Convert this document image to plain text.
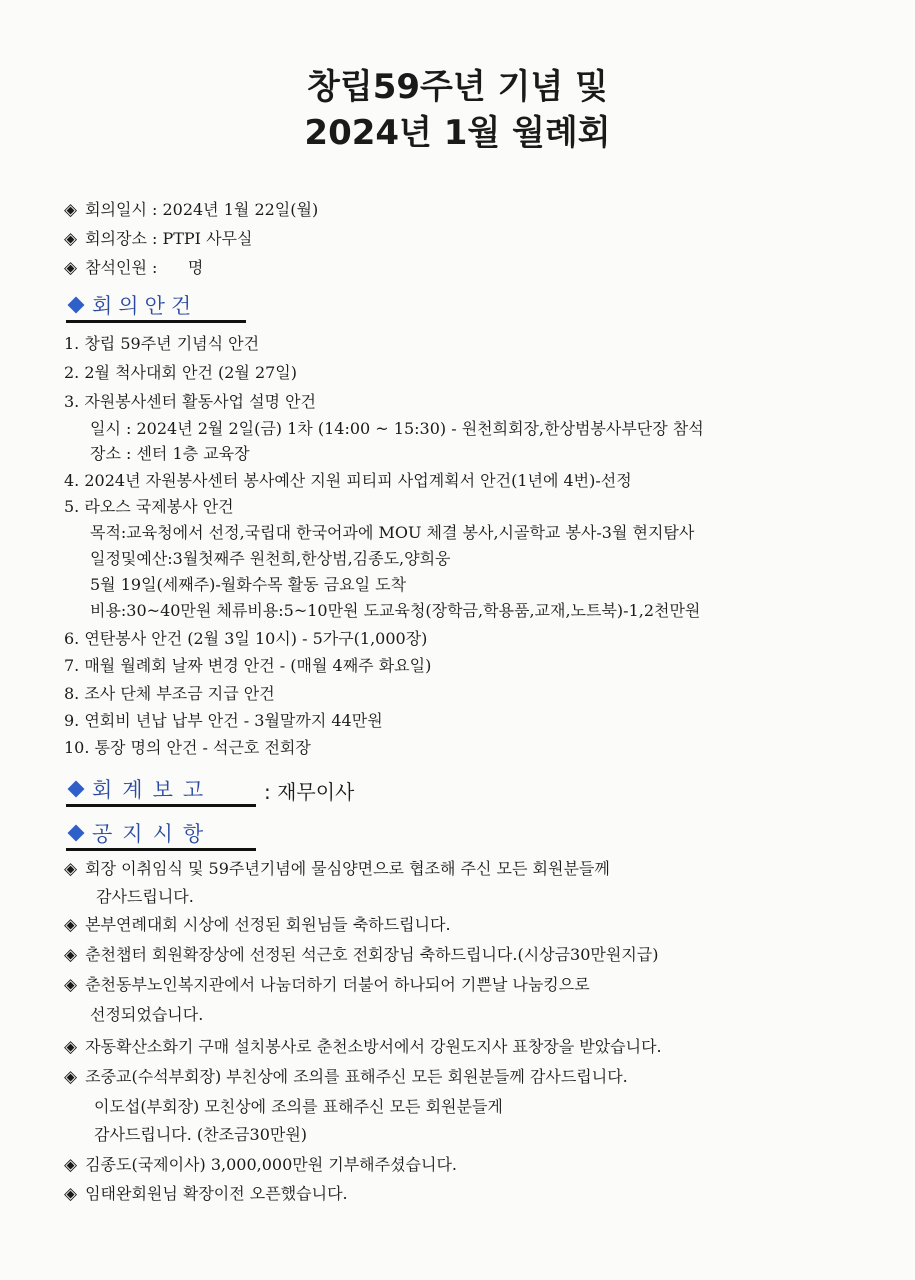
창립59주년 기념 및
2024년 1월 월례회
◈ 회의일시 : 2024년 1월 22일(월)
◈ 회의장소 : PTPI 사무실
◈ 참석인원 :      명
회의안건
1. 창립 59주년 기념식 안건
2. 2월 척사대회 안건 (2월 27일)
3. 자원봉사센터 활동사업 설명 안건
일시 : 2024년 2월 2일(금) 1차 (14:00 ~ 15:30) - 원천희회장,한상범봉사부단장 참석
장소 : 센터 1층 교육장
4. 2024년 자원봉사센터 봉사예산 지원 피티피 사업계획서 안건(1년에 4번)-선정
5. 라오스 국제봉사 안건
목적:교육청에서 선정,국립대 한국어과에 MOU 체결 봉사,시골학교 봉사-3월 현지탐사
일정및예산:3월첫째주 원천희,한상범,김종도,양희웅
5월 19일(세째주)-월화수목 활동 금요일 도착
비용:30~40만원 체류비용:5~10만원 도교육청(장학금,학용품,교재,노트북)-1,2천만원
6. 연탄봉사 안건 (2월 3일 10시) - 5가구(1,000장)
7. 매월 월례회 날짜 변경 안건 - (매월 4째주 화요일)
8. 조사 단체 부조금 지급 안건
9. 연회비 년납 납부 안건 - 3월말까지 44만원
10. 통장 명의 안건 - 석근호 전회장
회계보고	: 재무이사
공지시항
◈ 회장 이취임식 및 59주년기념에 물심양면으로 협조해 주신 모든 회원분들께
감사드립니다.
◈ 본부연례대회 시상에 선정된 회원님들 축하드립니다.
◈ 춘천챕터 회원확장상에 선정된 석근호 전회장님 축하드립니다.(시상금30만원지급)
◈ 춘천동부노인복지관에서 나눔더하기 더불어 하나되어 기쁜날 나눔킹으로
선정되었습니다.
◈ 자동확산소화기 구매 설치봉사로 춘천소방서에서 강원도지사 표창장을 받았습니다.
◈ 조중교(수석부회장) 부친상에 조의를 표해주신 모든 회원분들께 감사드립니다.
이도섭(부회장) 모친상에 조의를 표해주신 모든 회원분들게
감사드립니다. (찬조금30만원)
◈ 김종도(국제이사) 3,000,000만원 기부해주셨습니다.
◈ 임태완회원님 확장이전 오픈했습니다.
